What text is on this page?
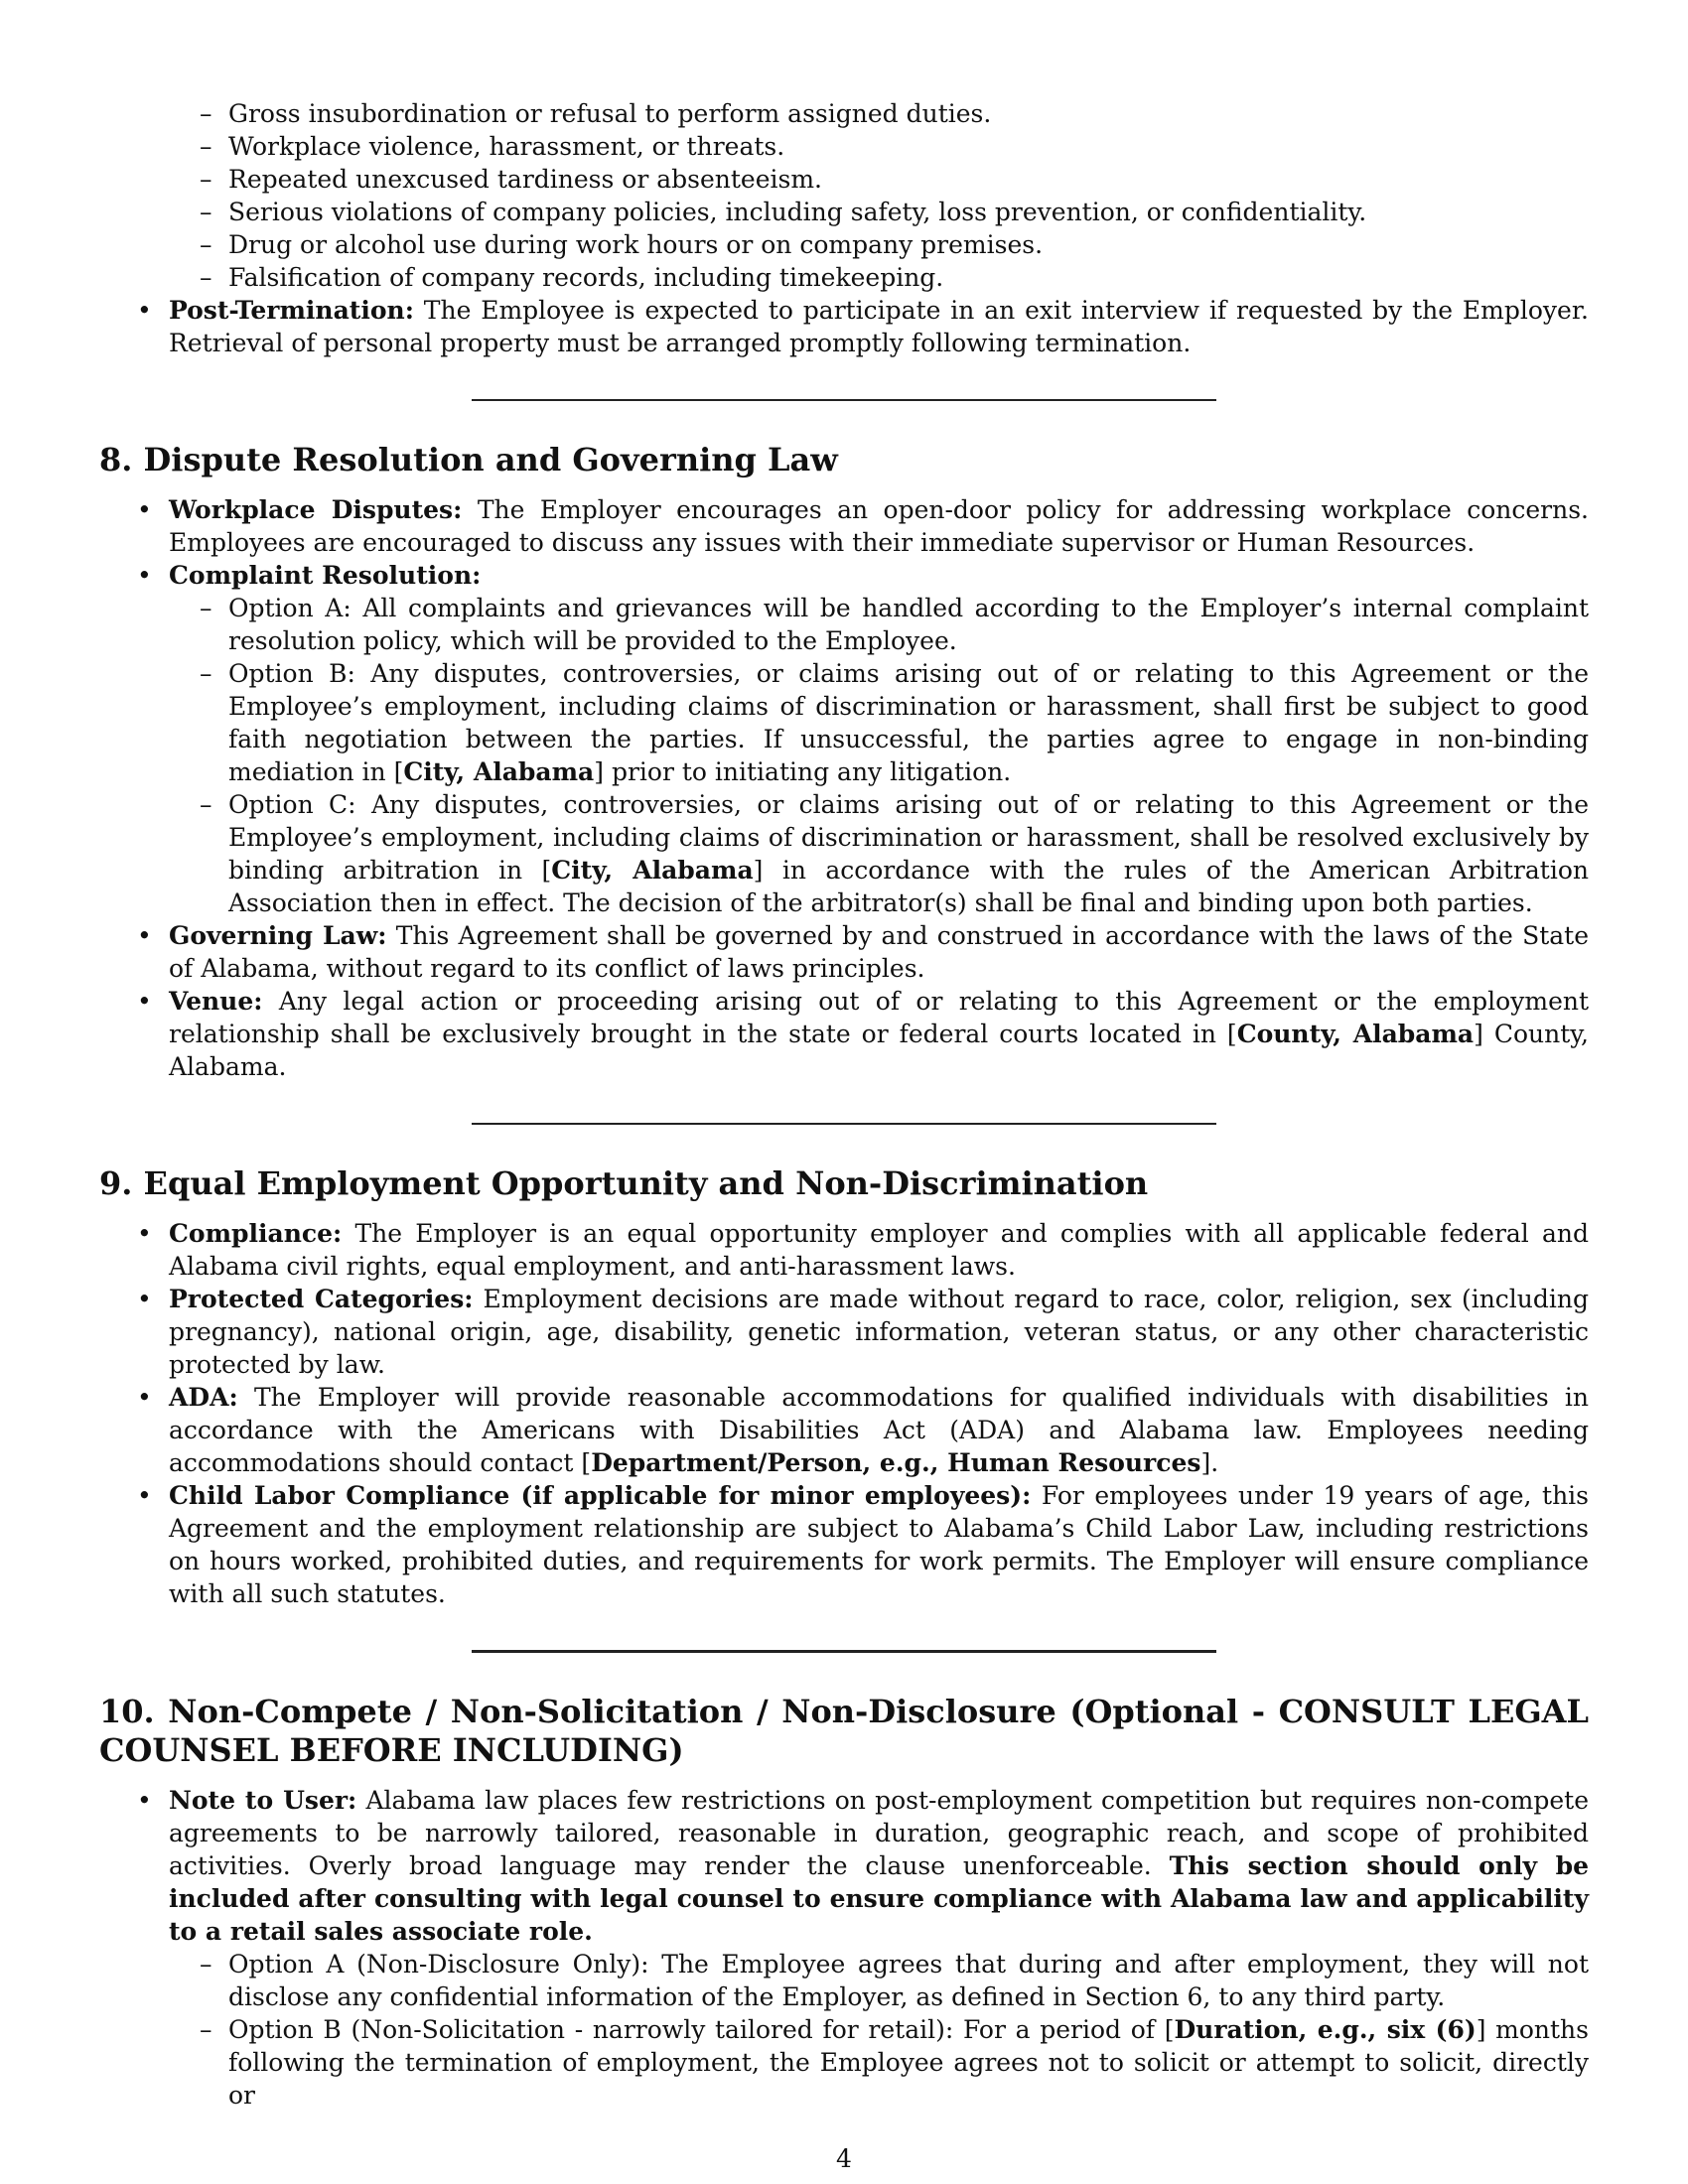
– Gross insubordination or refusal to perform assigned duties.
– Workplace violence, harassment, or threats.
– Repeated unexcused tardiness or absenteeism.
– Serious violations of company policies, including safety, loss prevention, or confidentiality.
– Drug or alcohol use during work hours or on company premises.
– Falsification of company records, including timekeeping.
• Post-Termination: The Employee is expected to participate in an exit interview if requested by the Employer. Retrieval of personal property must be arranged promptly following termination.
8. Dispute Resolution and Governing Law
• Workplace Disputes: The Employer encourages an open-door policy for addressing workplace concerns. Employees are encouraged to discuss any issues with their immediate supervisor or Human Resources.
• Complaint Resolution:
– Option A: All complaints and grievances will be handled according to the Employer’s internal complaint resolution policy, which will be provided to the Employee.
– Option B: Any disputes, controversies, or claims arising out of or relating to this Agreement or the Employee’s employment, including claims of discrimination or harassment, shall first be subject to good faith negotiation between the parties. If unsuccessful, the parties agree to engage in non-binding mediation in [City, Alabama] prior to initiating any litigation.
– Option C: Any disputes, controversies, or claims arising out of or relating to this Agreement or the Employee’s employment, including claims of discrimination or harassment, shall be resolved exclusively by binding arbitration in [City, Alabama] in accordance with the rules of the American Arbitration Association then in effect. The decision of the arbitrator(s) shall be final and binding upon both parties.
• Governing Law: This Agreement shall be governed by and construed in accordance with the laws of the State of Alabama, without regard to its conflict of laws principles.
• Venue: Any legal action or proceeding arising out of or relating to this Agreement or the employment relationship shall be exclusively brought in the state or federal courts located in [County, Alabama] County, Alabama.
9. Equal Employment Opportunity and Non-Discrimination
• Compliance: The Employer is an equal opportunity employer and complies with all applicable federal and Alabama civil rights, equal employment, and anti-harassment laws.
• Protected Categories: Employment decisions are made without regard to race, color, religion, sex (including pregnancy), national origin, age, disability, genetic information, veteran status, or any other characteristic protected by law.
• ADA: The Employer will provide reasonable accommodations for qualified individuals with disabilities in accordance with the Americans with Disabilities Act (ADA) and Alabama law. Employees needing accommodations should contact [Department/Person, e.g., Human Resources].
• Child Labor Compliance (if applicable for minor employees): For employees under 19 years of age, this Agreement and the employment relationship are subject to Alabama’s Child Labor Law, including restrictions on hours worked, prohibited duties, and requirements for work permits. The Employer will ensure compliance with all such statutes.
10. Non-Compete / Non-Solicitation / Non-Disclosure (Optional - CONSULT LEGAL COUNSEL BEFORE INCLUDING)
• Note to User: Alabama law places few restrictions on post-employment competition but requires non-compete agreements to be narrowly tailored, reasonable in duration, geographic reach, and scope of prohibited activities. Overly broad language may render the clause unenforceable. This section should only be included after consulting with legal counsel to ensure compliance with Alabama law and applicability to a retail sales associate role.
– Option A (Non-Disclosure Only): The Employee agrees that during and after employment, they will not disclose any confidential information of the Employer, as defined in Section 6, to any third party.
– Option B (Non-Solicitation - narrowly tailored for retail): For a period of [Duration, e.g., six (6)] months following the termination of employment, the Employee agrees not to solicit or attempt to solicit, directly or
4
